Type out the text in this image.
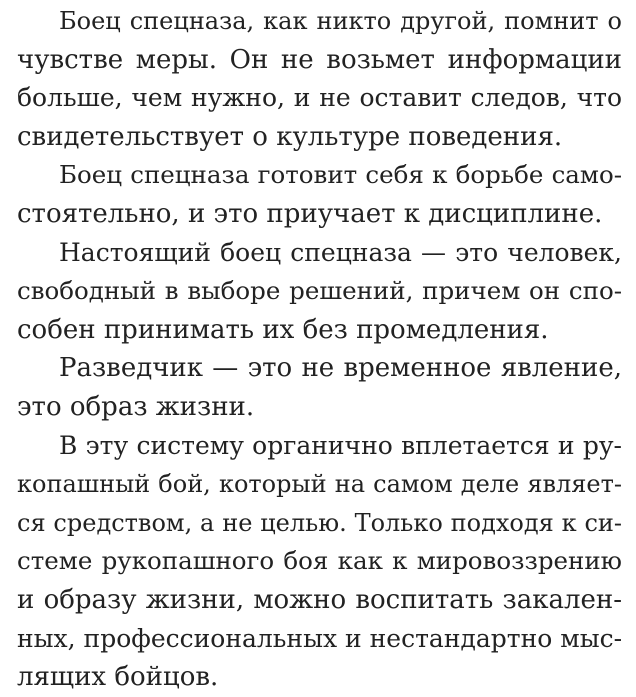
Боец спецназа, как никто другой, помнит о
чувстве меры. Он не возьмет информации
больше, чем нужно, и не оставит следов, что
свидетельствует о культуре поведения.
Боец спецназа готовит себя к борьбе само-
стоятельно, и это приучает к дисциплине.
Настоящий боец спецназа — это человек,
свободный в выборе решений, причем он спо-
собен принимать их без промедления.
Разведчик — это не временное явление,
это образ жизни.
В эту систему органично вплетается и ру-
копашный бой, который на самом деле являет-
ся средством, а не целью. Только подходя к си-
стеме рукопашного боя как к мировоззрению
и образу жизни, можно воспитать закален-
ных, профессиональных и нестандартно мыс-
лящих бойцов.
